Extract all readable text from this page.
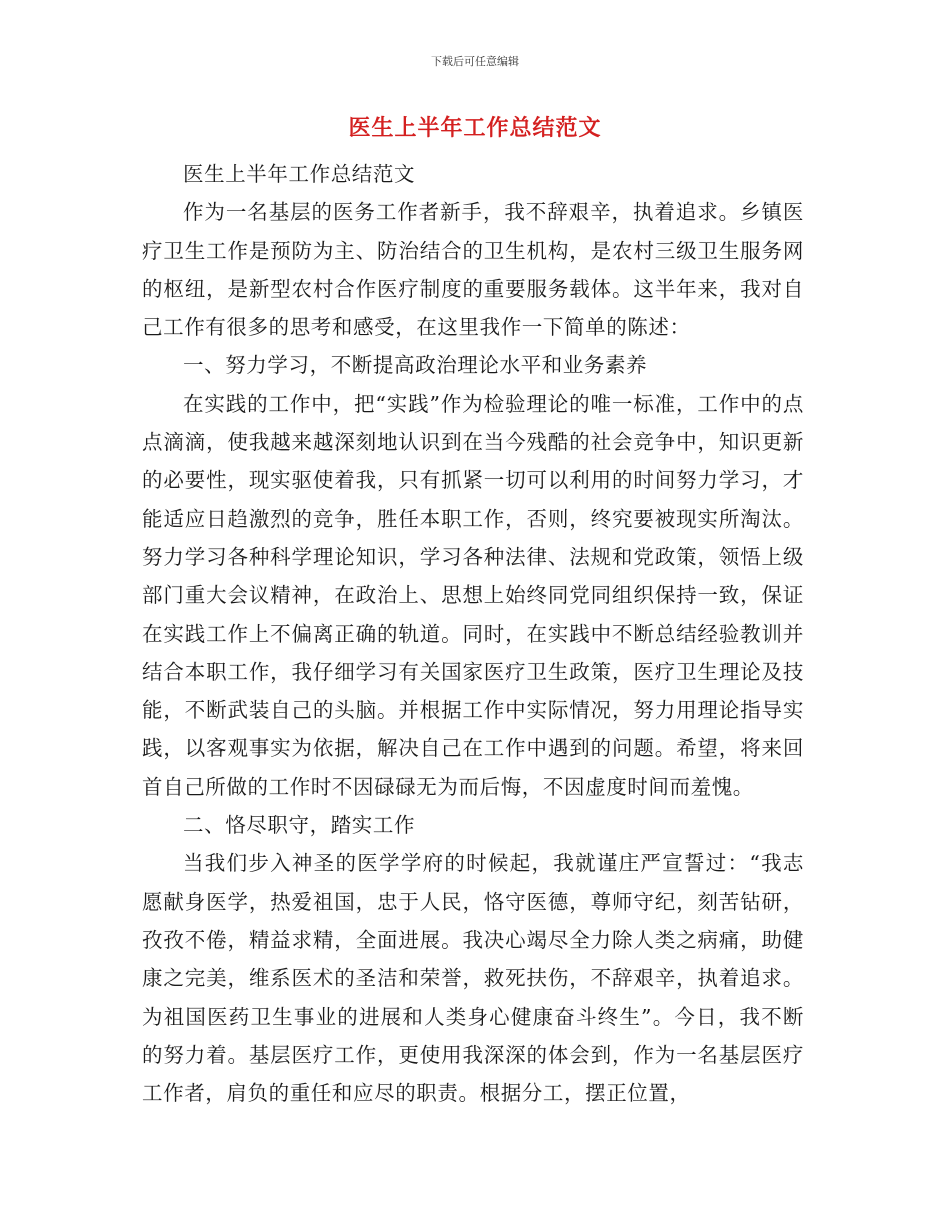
下载后可任意编辑
医生上半年工作总结范文

医生上半年工作总结范文

作为一名基层的医务工作者新手，我不辞艰辛，执着追求。乡镇医疗卫生工作是预防为主、防治结合的卫生机构，是农村三级卫生服务网的枢纽，是新型农村合作医疗制度的重要服务载体。这半年来，我对自己工作有很多的思考和感受，在这里我作一下简单的陈述：

一、努力学习，不断提高政治理论水平和业务素养

在实践的工作中，把“实践”作为检验理论的唯一标准，工作中的点点滴滴，使我越来越深刻地认识到在当今残酷的社会竞争中，知识更新的必要性，现实驱使着我，只有抓紧一切可以利用的时间努力学习，才能适应日趋激烈的竞争，胜任本职工作，否则，终究要被现实所淘汰。努力学习各种科学理论知识，学习各种法律、法规和党政策，领悟上级部门重大会议精神，在政治上、思想上始终同党同组织保持一致，保证在实践工作上不偏离正确的轨道。同时，在实践中不断总结经验教训并结合本职工作，我仔细学习有关国家医疗卫生政策，医疗卫生理论及技能，不断武装自己的头脑。并根据工作中实际情况，努力用理论指导实践，以客观事实为依据，解决自己在工作中遇到的问题。希望，将来回首自己所做的工作时不因碌碌无为而后悔，不因虚度时间而羞愧。

二、恪尽职守，踏实工作

当我们步入神圣的医学学府的时候起，我就谨庄严宣誓过：“我志愿献身医学，热爱祖国，忠于人民，恪守医德，尊师守纪，刻苦钻研，孜孜不倦，精益求精，全面进展。我决心竭尽全力除人类之病痛，助健康之完美，维系医术的圣洁和荣誉，救死扶伤，不辞艰辛，执着追求。为祖国医药卫生事业的进展和人类身心健康奋斗终生”。今日，我不断的努力着。基层医疗工作，更使用我深深的体会到，作为一名基层医疗工作者，肩负的重任和应尽的职责。根据分工，摆正位置，
